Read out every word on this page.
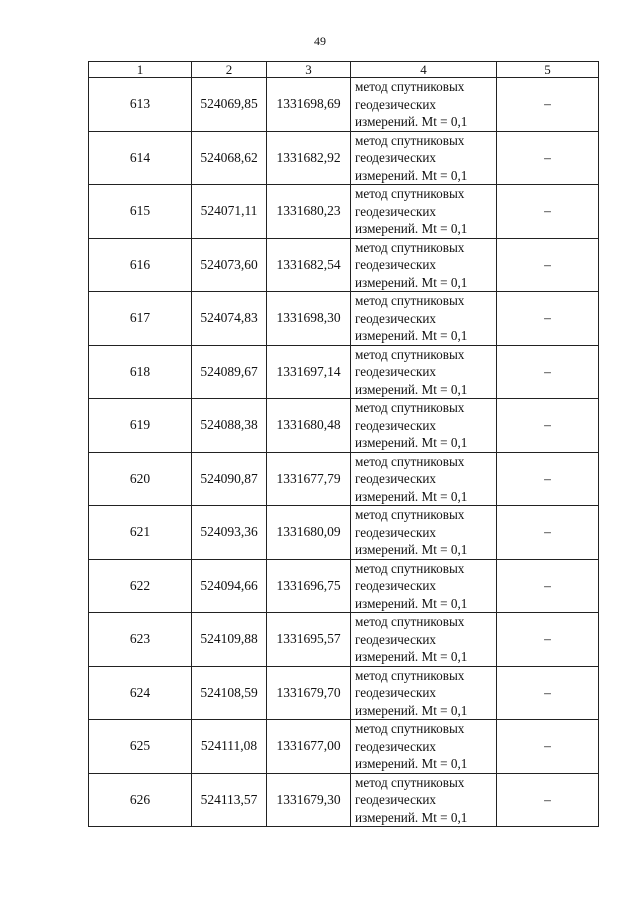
49
1	2	3	4	5
613	524069,85	1331698,69	метод спутниковых
геодезических
измерений. Mt = 0,1	–
614	524068,62	1331682,92	метод спутниковых
геодезических
измерений. Mt = 0,1	–
615	524071,11	1331680,23	метод спутниковых
геодезических
измерений. Mt = 0,1	–
616	524073,60	1331682,54	метод спутниковых
геодезических
измерений. Mt = 0,1	–
617	524074,83	1331698,30	метод спутниковых
геодезических
измерений. Mt = 0,1	–
618	524089,67	1331697,14	метод спутниковых
геодезических
измерений. Mt = 0,1	–
619	524088,38	1331680,48	метод спутниковых
геодезических
измерений. Mt = 0,1	–
620	524090,87	1331677,79	метод спутниковых
геодезических
измерений. Mt = 0,1	–
621	524093,36	1331680,09	метод спутниковых
геодезических
измерений. Mt = 0,1	–
622	524094,66	1331696,75	метод спутниковых
геодезических
измерений. Mt = 0,1	–
623	524109,88	1331695,57	метод спутниковых
геодезических
измерений. Mt = 0,1	–
624	524108,59	1331679,70	метод спутниковых
геодезических
измерений. Mt = 0,1	–
625	524111,08	1331677,00	метод спутниковых
геодезических
измерений. Mt = 0,1	–
626	524113,57	1331679,30	метод спутниковых
геодезических
измерений. Mt = 0,1	–
